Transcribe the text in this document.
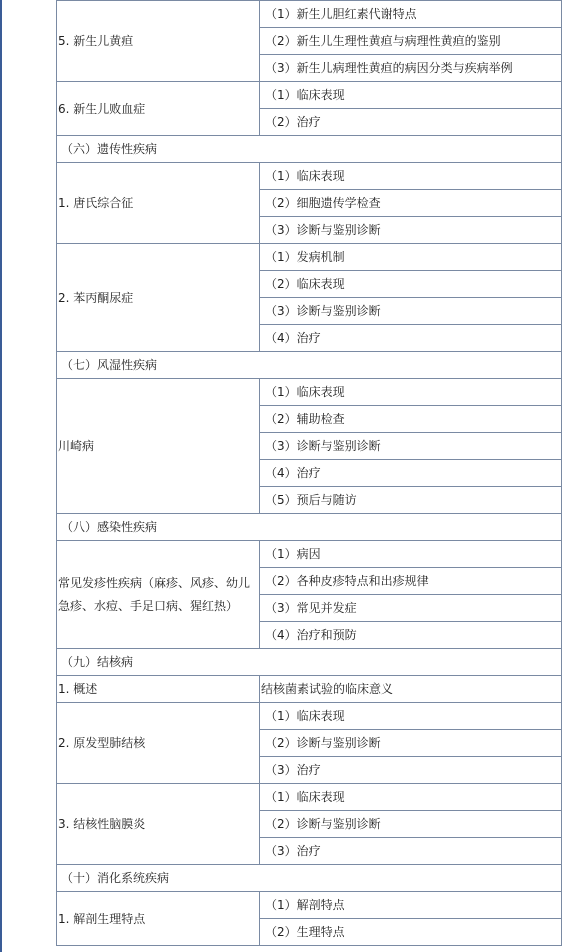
5. 新生儿黄疸	（1）新生儿胆红素代谢特点
	（2）新生儿生理性黄疸与病理性黄疸的鉴别
	（3）新生儿病理性黄疸的病因分类与疾病举例
6. 新生儿败血症	（1）临床表现
	（2）治疗
（六）遗传性疾病	
1. 唐氏综合征	（1）临床表现
	（2）细胞遗传学检查
	（3）诊断与鉴别诊断
2. 苯丙酮尿症	（1）发病机制
	（2）临床表现
	（3）诊断与鉴别诊断
	（4）治疗
（七）风湿性疾病	
川崎病	（1）临床表现
	（2）辅助检查
	（3）诊断与鉴别诊断
	（4）治疗
	（5）预后与随访
（八）感染性疾病	
常见发疹性疾病（麻疹、风疹、幼儿急疹、水痘、手足口病、猩红热）	（1）病因
	（2）各种皮疹特点和出疹规律
	（3）常见并发症
	（4）治疗和预防
（九）结核病	
1. 概述	结核菌素试验的临床意义
2. 原发型肺结核	（1）临床表现
	（2）诊断与鉴别诊断
	（3）治疗
3. 结核性脑膜炎	（1）临床表现
	（2）诊断与鉴别诊断
	（3）治疗
（十）消化系统疾病	
1. 解剖生理特点	（1）解剖特点
	（2）生理特点
